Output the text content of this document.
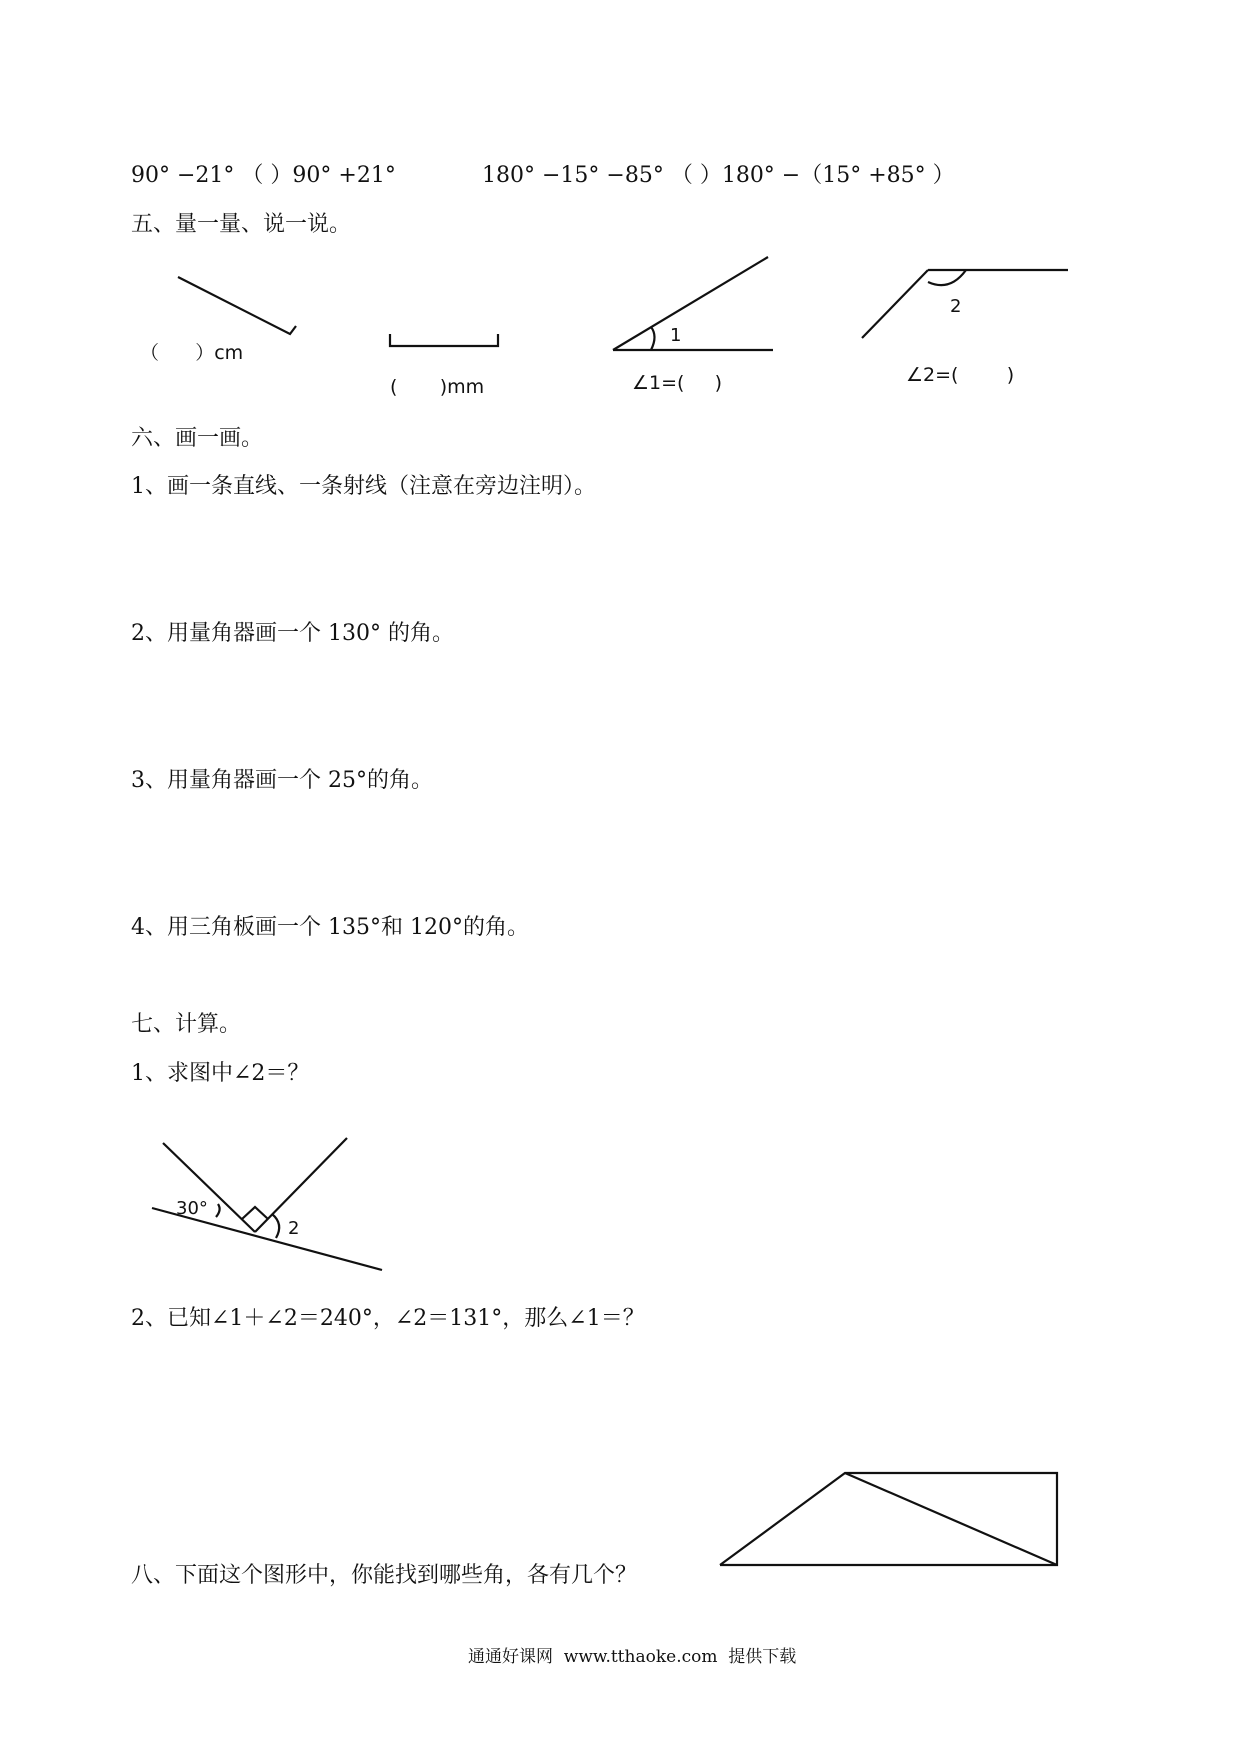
90° −21° （ ）90° +21°	180° −15° −85° （ ）180° −（15° +85° ）
五、量一量、说一说。
1
2
（      ）cm
(       )mm	∠1=(     )	∠2=(        )
六、画一画。
1、画一条直线、一条射线（注意在旁边注明）。
2、用量角器画一个 130° 的角。
3、用量角器画一个 25°的角。
4、用三角板画一个 135°和 120°的角。
七、计算。
1、求图中∠2＝？
30°
2
2、已知∠1＋∠2＝240°，∠2＝131°，那么∠1＝？
八、下面这个图形中，你能找到哪些角，各有几个？
通通好课网  www.tthaoke.com  提供下载
